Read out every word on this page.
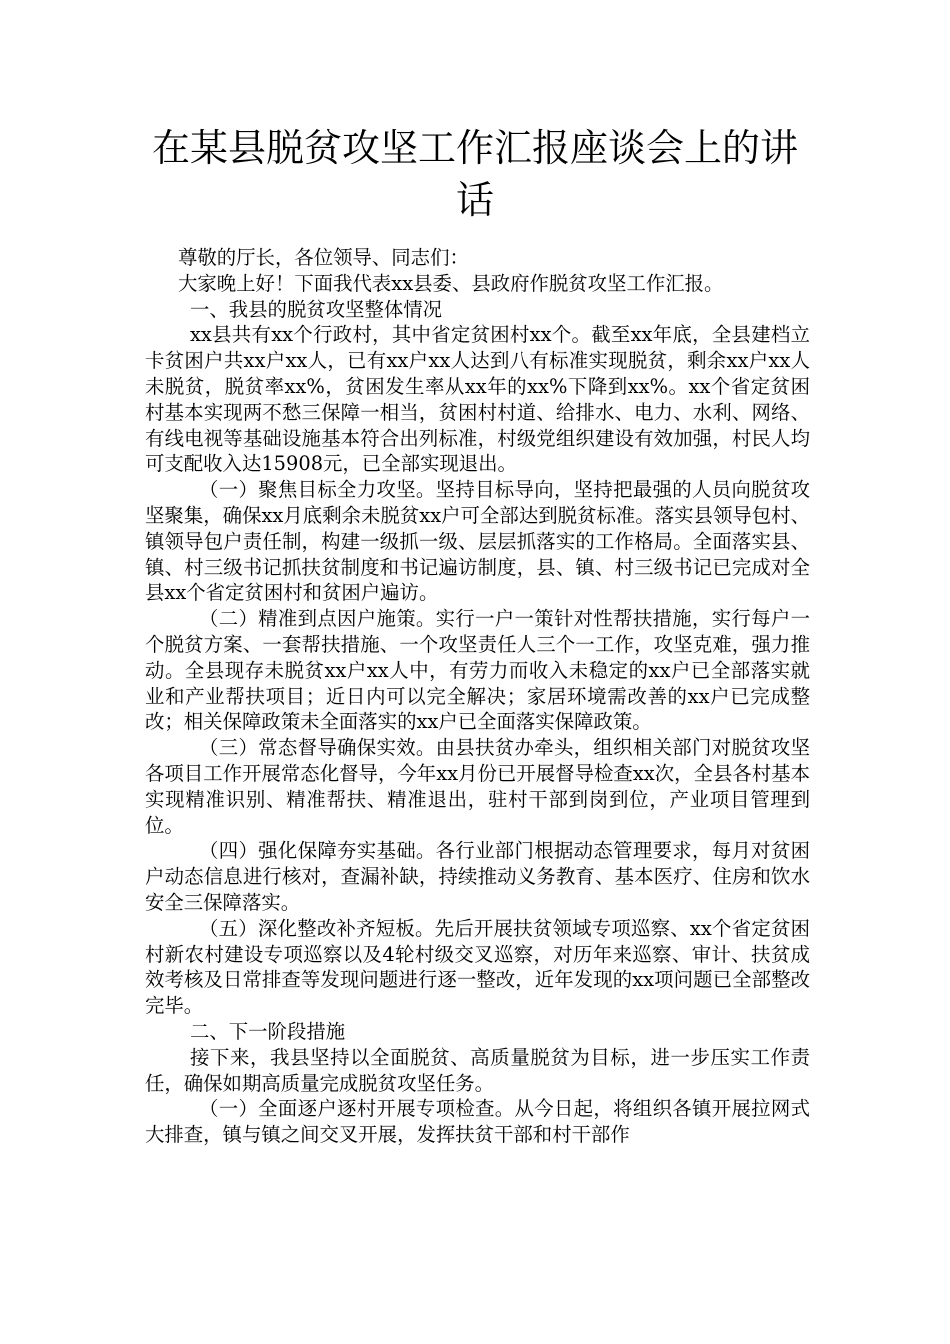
在某县脱贫攻坚工作汇报座谈会上的讲话

尊敬的厅长，各位领导、同志们：

大家晚上好！下面我代表xx县委、县政府作脱贫攻坚工作汇报。

一、我县的脱贫攻坚整体情况

xx县共有xx个行政村，其中省定贫困村xx个。截至xx年底，全县建档立卡贫困户共xx户xx人，已有xx户xx人达到八有标准实现脱贫，剩余xx户xx人未脱贫，脱贫率xx%，贫困发生率从xx年的xx%下降到xx%。xx个省定贫困村基本实现两不愁三保障一相当，贫困村村道、给排水、电力、水利、网络、有线电视等基础设施基本符合出列标准，村级党组织建设有效加强，村民人均可支配收入达15908元，已全部实现退出。

（一）聚焦目标全力攻坚。坚持目标导向，坚持把最强的人员向脱贫攻坚聚集，确保xx月底剩余未脱贫xx户可全部达到脱贫标准。落实县领导包村、镇领导包户责任制，构建一级抓一级、层层抓落实的工作格局。全面落实县、镇、村三级书记抓扶贫制度和书记遍访制度，县、镇、村三级书记已完成对全县xx个省定贫困村和贫困户遍访。

（二）精准到点因户施策。实行一户一策针对性帮扶措施，实行每户一个脱贫方案、一套帮扶措施、一个攻坚责任人三个一工作，攻坚克难，强力推动。全县现存未脱贫xx户xx人中，有劳力而收入未稳定的xx户已全部落实就业和产业帮扶项目；近日内可以完全解决；家居环境需改善的xx户已完成整改；相关保障政策未全面落实的xx户已全面落实保障政策。

（三）常态督导确保实效。由县扶贫办牵头，组织相关部门对脱贫攻坚各项目工作开展常态化督导，今年xx月份已开展督导检查xx次，全县各村基本实现精准识别、精准帮扶、精准退出，驻村干部到岗到位，产业项目管理到位。

（四）强化保障夯实基础。各行业部门根据动态管理要求，每月对贫困户动态信息进行核对，查漏补缺，持续推动义务教育、基本医疗、住房和饮水安全三保障落实。

（五）深化整改补齐短板。先后开展扶贫领域专项巡察、xx个省定贫困村新农村建设专项巡察以及4轮村级交叉巡察，对历年来巡察、审计、扶贫成效考核及日常排查等发现问题进行逐一整改，近年发现的xx项问题已全部整改完毕。

二、下一阶段措施

接下来，我县坚持以全面脱贫、高质量脱贫为目标，进一步压实工作责任，确保如期高质量完成脱贫攻坚任务。

（一）全面逐户逐村开展专项检查。从今日起，将组织各镇开展拉网式大排查，镇与镇之间交叉开展，发挥扶贫干部和村干部作
